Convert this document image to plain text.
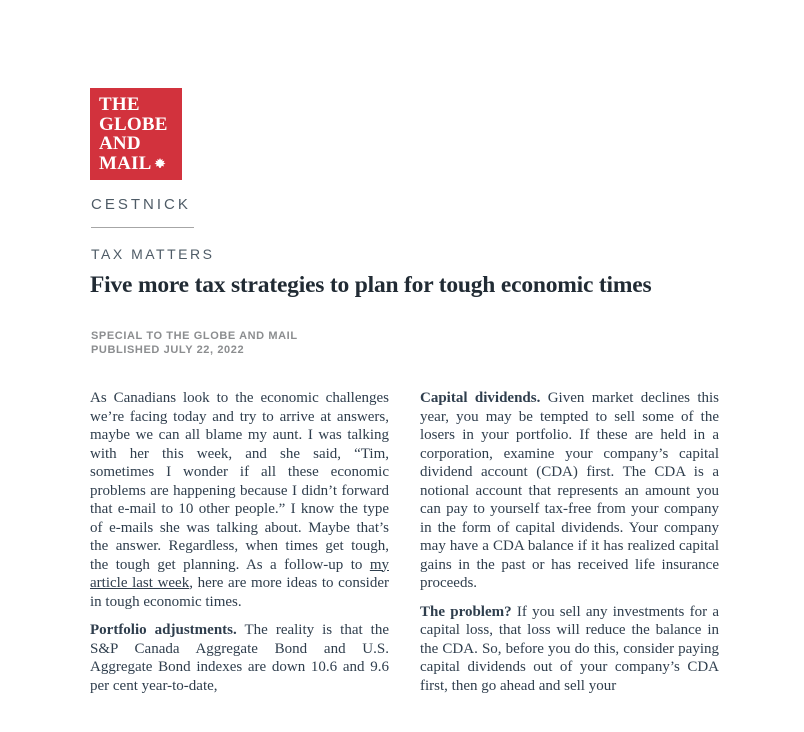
THE
GLOBE
AND
MAIL
CESTNICK
TAX MATTERS
Five more tax strategies to plan for tough economic times
SPECIAL TO THE GLOBE AND MAIL
PUBLISHED JULY 22, 2022

As Canadians look to the economic challenges we’re facing today and try to arrive at answers, maybe we can all blame my aunt. I was talking with her this week, and she said, “Tim, sometimes I wonder if all these economic problems are happening because I didn’t forward that e-mail to 10 other people.” I know the type of e-mails she was talking about. Maybe that’s the answer. Regardless, when times get tough, the tough get planning. As a follow-up to my article last week, here are more ideas to consider in tough economic times.

Portfolio adjustments. The reality is that the S&P Canada Aggregate Bond and U.S. Aggregate Bond indexes are down 10.6 and 9.6 per cent year-to-date,

Capital dividends. Given market declines this year, you may be tempted to sell some of the losers in your portfolio. If these are held in a corporation, examine your company’s capital dividend account (CDA) first. The CDA is a notional account that represents an amount you can pay to yourself tax-free from your company in the form of capital dividends. Your company may have a CDA balance if it has realized capital gains in the past or has received life insurance proceeds.

The problem? If you sell any investments for a capital loss, that loss will reduce the balance in the CDA. So, before you do this, consider paying capital dividends out of your company’s CDA first, then go ahead and sell your
